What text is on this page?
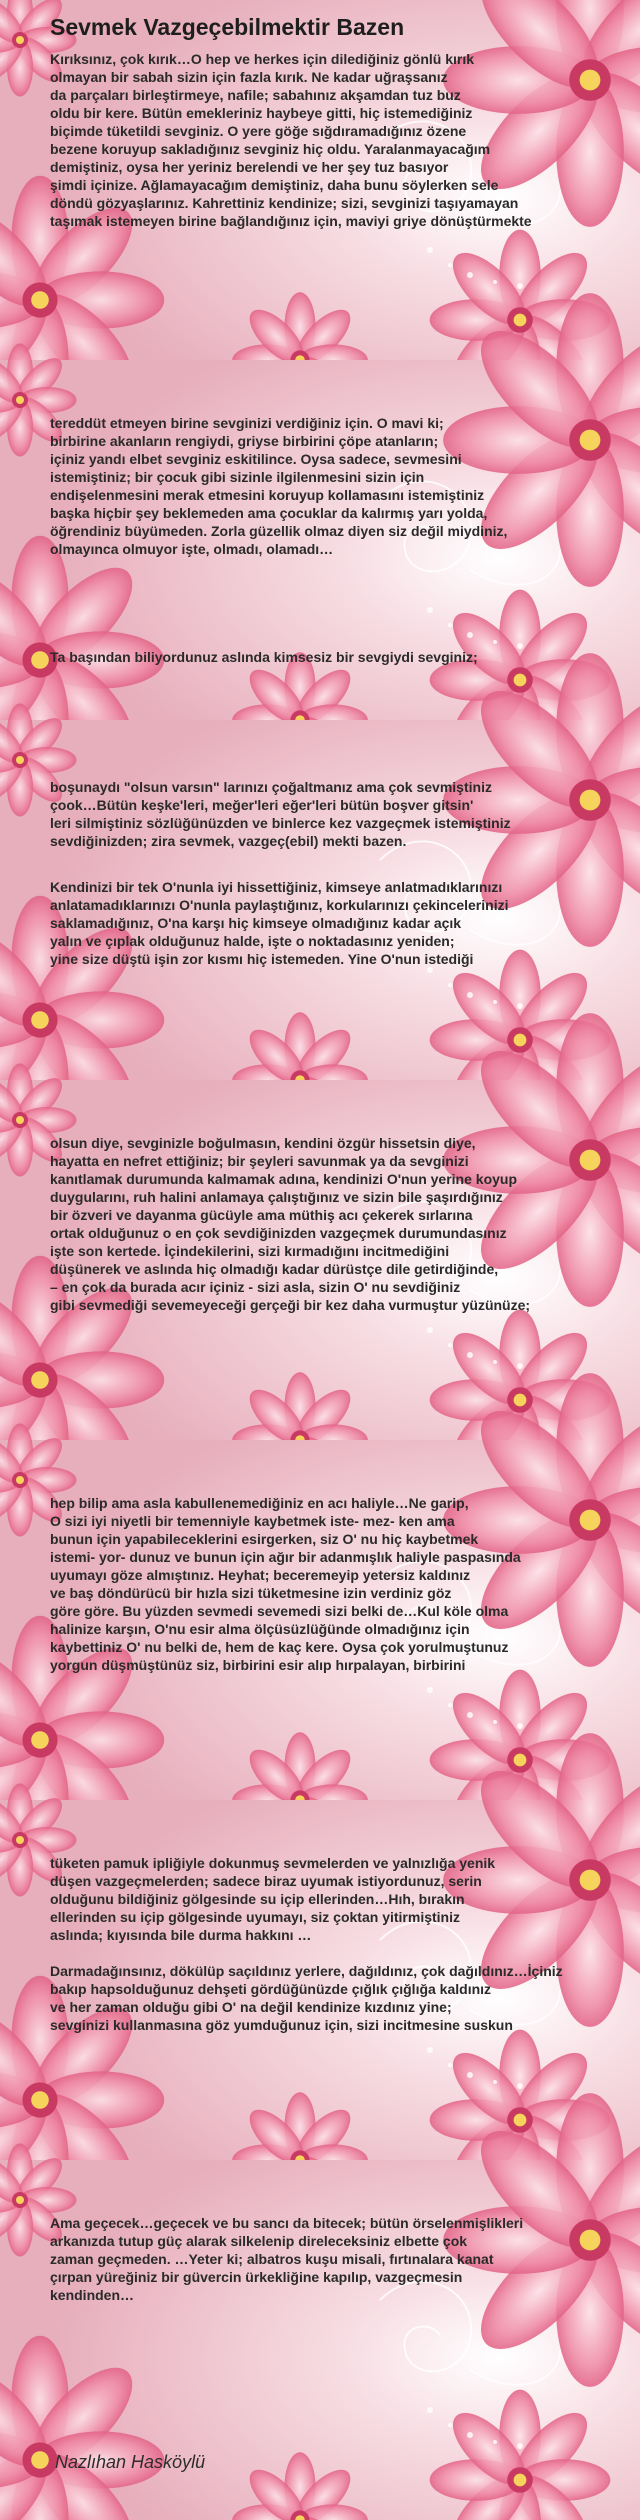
Sevmek Vazgeçebilmektir Bazen
Kırıksınız, çok kırık…O hep ve herkes için dilediğiniz gönlü kırık
olmayan bir sabah sizin için fazla kırık. Ne kadar uğraşsanız
da parçaları birleştirmeye, nafile; sabahınız akşamdan tuz buz
oldu bir kere. Bütün emekleriniz haybeye gitti, hiç istemediğiniz
biçimde tüketildi sevginiz. O yere göğe sığdıramadığınız özene
bezene koruyup sakladığınız sevginiz hiç oldu. Yaralanmayacağım
demiştiniz, oysa her yeriniz berelendi ve her şey tuz basıyor
şimdi içinize. Ağlamayacağım demiştiniz, daha bunu söylerken sele
döndü gözyaşlarınız. Kahrettiniz kendinize; sizi, sevginizi taşıyamayan
taşımak istemeyen birine bağlandığınız için, maviyi griye dönüştürmekte
tereddüt etmeyen birine sevginizi verdiğiniz için. O mavi ki;
birbirine akanların rengiydi, griyse birbirini çöpe atanların;
içiniz yandı elbet sevginiz eskitilince. Oysa sadece, sevmesini
istemiştiniz; bir çocuk gibi sizinle ilgilenmesini sizin için
endişelenmesini merak etmesini koruyup kollamasını istemiştiniz
başka hiçbir şey beklemeden ama çocuklar da kalırmış yarı yolda,
öğrendiniz büyümeden. Zorla güzellik olmaz diyen siz değil miydiniz,
olmayınca olmuyor işte, olmadı, olamadı…
Ta başından biliyordunuz aslında kimsesiz bir sevgiydi sevginiz;
boşunaydı "olsun varsın" larınızı çoğaltmanız ama çok sevmiştiniz
çook…Bütün keşke'leri, meğer'leri eğer'leri bütün boşver gitsin'
leri silmiştiniz sözlüğünüzden ve binlerce kez vazgeçmek istemiştiniz
sevdiğinizden; zira sevmek, vazgeç(ebil) mekti bazen.
Kendinizi bir tek O'nunla iyi hissettiğiniz, kimseye anlatmadıklarınızı
anlatamadıklarınızı O'nunla paylaştığınız, korkularınızı çekincelerinizi
saklamadığınız, O'na karşı hiç kimseye olmadığınız kadar açık
yalın ve çıplak olduğunuz halde, işte o noktadasınız yeniden;
yine size düştü işin zor kısmı hiç istemeden. Yine O'nun istediği
olsun diye, sevginizle boğulmasın, kendini özgür hissetsin diye,
hayatta en nefret ettiğiniz; bir şeyleri savunmak ya da sevginizi
kanıtlamak durumunda kalmamak adına, kendinizi O'nun yerine koyup
duygularını, ruh halini anlamaya çalıştığınız ve sizin bile şaşırdığınız
bir özveri ve dayanma gücüyle ama müthiş acı çekerek sırlarına
ortak olduğunuz o en çok sevdiğinizden vazgeçmek durumundasınız
işte son kertede. İçindekilerini, sizi kırmadığını incitmediğini
düşünerek ve aslında hiç olmadığı kadar dürüstçe dile getirdiğinde,
– en çok da burada acır içiniz - sizi asla, sizin O' nu sevdiğiniz
gibi sevmediği sevemeyeceği gerçeği bir kez daha vurmuştur yüzünüze;
hep bilip ama asla kabullenemediğiniz en acı haliyle…Ne garip,
O sizi iyi niyetli bir temenniyle kaybetmek iste- mez- ken ama
bunun için yapabileceklerini esirgerken, siz O' nu hiç kaybetmek
istemi- yor- dunuz ve bunun için ağır bir adanmışlık haliyle paspasında
uyumayı göze almıştınız. Heyhat; beceremeyip yetersiz kaldınız
ve baş döndürücü bir hızla sizi tüketmesine izin verdiniz göz
göre göre. Bu yüzden sevmedi sevemedi sizi belki de…Kul köle olma
halinize karşın, O'nu esir alma ölçüsüzlüğünde olmadığınız için
kaybettiniz O' nu belki de, hem de kaç kere. Oysa çok yorulmuştunuz
yorgun düşmüştünüz siz, birbirini esir alıp hırpalayan, birbirini
tüketen pamuk ipliğiyle dokunmuş sevmelerden ve yalnızlığa yenik
düşen vazgeçmelerden; sadece biraz uyumak istiyordunuz, serin
olduğunu bildiğiniz gölgesinde su içip ellerinden…Hıh, bırakın
ellerinden su içip gölgesinde uyumayı, siz çoktan yitirmiştiniz
aslında; kıyısında bile durma hakkını …
Darmadağınsınız, dökülüp saçıldınız yerlere, dağıldınız, çok dağıldınız…İçiniz
bakıp hapsolduğunuz dehşeti gördüğünüzde çığlık çığlığa kaldınız
ve her zaman olduğu gibi O' na değil kendinize kızdınız yine;
sevginizi kullanmasına göz yumduğunuz için, sizi incitmesine suskun
Ama geçecek…geçecek ve bu sancı da bitecek; bütün örselenmişlikleri
arkanızda tutup güç alarak silkelenip direleceksiniz elbette çok
zaman geçmeden. …Yeter ki; albatros kuşu misali, fırtınalara kanat
çırpan yüreğiniz bir güvercin ürkekliğine kapılıp, vazgeçmesin
kendinden…
Nazlıhan Hasköylü
